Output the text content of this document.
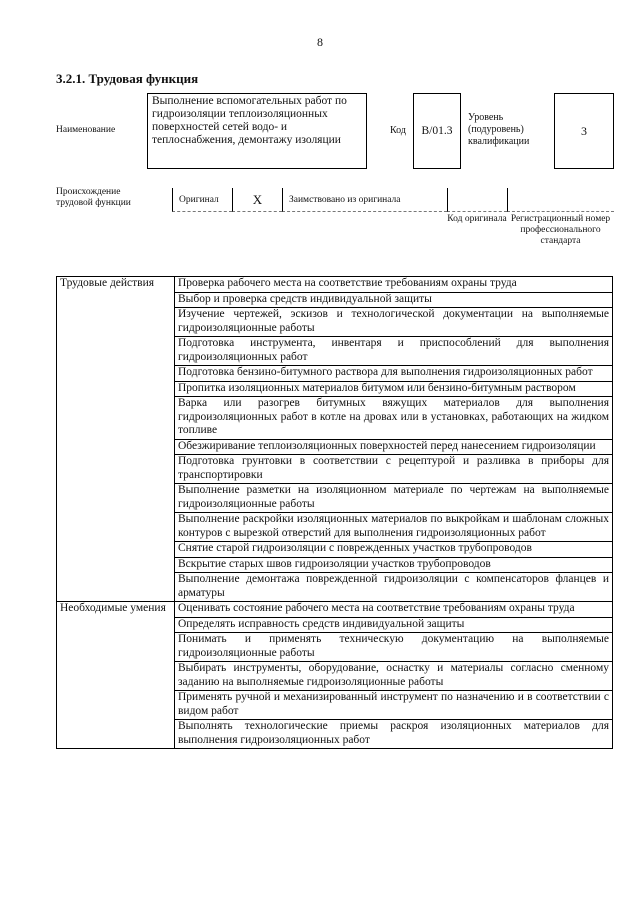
8
3.2.1. Трудовая функция
Наименование
Выполнение вспомогательных работ по гидроизоляции теплоизоляционных поверхностей сетей водо- и теплоснабжения, демонтажу изоляции
Код В/01.3
Уровень (подуровень) квалификации
3
Происхождение трудовой функции	Оригинал	X	Заимствовано из оригинала
Код оригинала Регистрационный номер профессионального стандарта
Трудовые действия	Проверка рабочего места на соответствие требованиям охраны труда
	Выбор и проверка средств индивидуальной защиты
	Изучение чертежей, эскизов и технологической документации на выполняемые гидроизоляционные работы
	Подготовка инструмента, инвентаря и приспособлений для выполнения гидроизоляционных работ
	Подготовка бензино-битумного раствора для выполнения гидроизоляционных работ
	Пропитка изоляционных материалов битумом или бензино-битумным раствором
	Варка или разогрев битумных вяжущих материалов для выполнения гидроизоляционных работ в котле на дровах или в установках, работающих на жидком топливе
	Обезжиривание теплоизоляционных поверхностей перед нанесением гидроизоляции
	Подготовка грунтовки в соответствии с рецептурой и разливка в приборы для транспортировки
	Выполнение разметки на изоляционном материале по чертежам на выполняемые гидроизоляционные работы
	Выполнение раскройки изоляционных материалов по выкройкам и шаблонам сложных контуров с вырезкой отверстий для выполнения гидроизоляционных работ
	Снятие старой гидроизоляции с поврежденных участков трубопроводов
	Вскрытие старых швов гидроизоляции участков трубопроводов
	Выполнение демонтажа поврежденной гидроизоляции с компенсаторов фланцев и арматуры
Необходимые умения	Оценивать состояние рабочего места на соответствие требованиям охраны труда
	Определять исправность средств индивидуальной защиты
	Понимать и применять техническую документацию на выполняемые гидроизоляционные работы
	Выбирать инструменты, оборудование, оснастку и материалы согласно сменному заданию на выполняемые гидроизоляционные работы
	Применять ручной и механизированный инструмент по назначению и в соответствии с видом работ
	Выполнять технологические приемы раскроя изоляционных материалов для выполнения гидроизоляционных работ
